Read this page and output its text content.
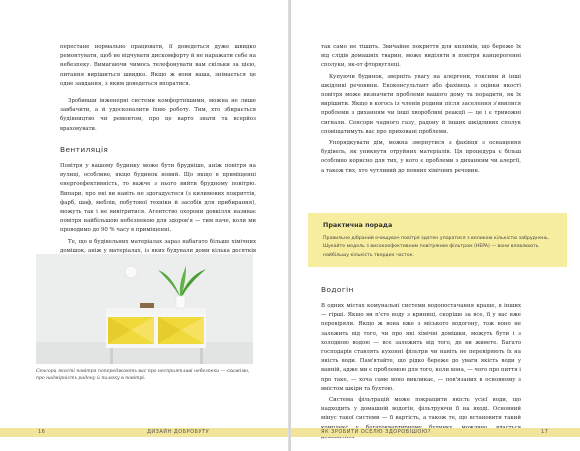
перестане нормально працювати, її доведеться дуже швидко ремонтувати, щоб не відчувати дискомфорту й не наражати себе на небезпеку. Вимагаючи чимось телефонувати вам скільки за цією, питання вирішиться швидко. Якщо ж вони ваша, знімається це одне завдання, з яким доведеться впоратися.

Зробивши інженерні системи комфортнішими, можна не лише завбачити, а й удосконалити їхню роботу. Тим, хто збирається будівництво чи ремонтом, про це варто знати та всерйоз враховувати.

Вентиляція

Повітря у вашому будинку може бути брудніше, аніж повітря на вулиці, особливо, якщо будинок новий. Що якщо в приміщенні енергоефективність, то важче з нього вийти брудному повітрю. Випари, про які ви навіть не здогадуєтеся (з килимових покриттів, фарб, шаф, меблів, побутової техніки й засобів для прибирання), можуть так і не вивітритися. Агентство охорони довкілля називає повітря найбільшою небезпекою для здоров'я — тим паче, коли ми проводимо до 90 % часу в приміщенні.

Те, що в будівельних матеріалах зараз набагато більше хімічних домішок, аніж у матеріалах, із яких будували доми кілька десятків

Сенсори якості повітря попереджають вас про несприятливі небезпеки — скажімо, про надмірність радону й пилюку в повітрі.
16	ДИЗАЙН ДОБРОБУТУ

так само не тішить. Звичайне покриття для килимів, що береже їх від слідів домашніх тварин, може виділяти в повітря канцерогенні сполуки, як-от фторвуглеці.

Купуючи будинок, зверніть увагу на алергени, токсини й інші шкідливі речовини. Екоконсультант або фахівець з оцінки якості повітря може визначити проблеми вашого дому та порадити, як їх вирішити. Якщо в когось із членів родини після заселення з'явилися проблеми з диханням чи інші хворобливі реакції — це і є тривожні сигнали. Сенсори чадного газу, радону й інших шкідливих сполук сповіщатимуть вас про приховані проблеми.

Упорядкувати дім, можна звернутися з фахівця з оснащення будівель, як уникнути отруйних матеріалів. Ця процедура є більш особливо корисно для тих, у кого є проблеми з диханням чи алергії, а також тих, хто чутливий до певних хімічних речовин.

Практична порада
Правильно дібраний очищувач повітря здатен упоратися з великою кількістю забруднень. Шукайте модель з високоефективним повітряним фільтром (HEPA) — вони вловлюють найбільшу кількість твердих часток.
Водогін

В одних містах комунальні системи водопостачання краще, в інших — гірші. Якщо ви п'єте воду з криниці, скоріше за все, її у вас вже перевіряли. Якщо ж вона вже з міського водогону, тож воно не залежить від того, чи про які хімічні домішки, можуть бути і з холодною водою — все залежить від того, де ви живете. Багато господарів ставлять кухонні фільтри чи навіть не перевіряють їх на якість води. Пам'ятайте, що рідко береже до уваги якість води у ванній, адже ми є проблемою для того, коли вона, — чого про пиття і про таке, — хоча саме воно викликає, — пов'язаних в основному з вмістом шкіри та бухтою.

Система фільтрацій може покращити якість усієї води, що надходить у домашній водогін, фільтруючи її на вході. Основний мінус такої системи — її вартість, а також те, що встановити такий

ЯК ЗРОБИТИ ОСЕЛЮ ЗДОРОВІШОЮ?	17
